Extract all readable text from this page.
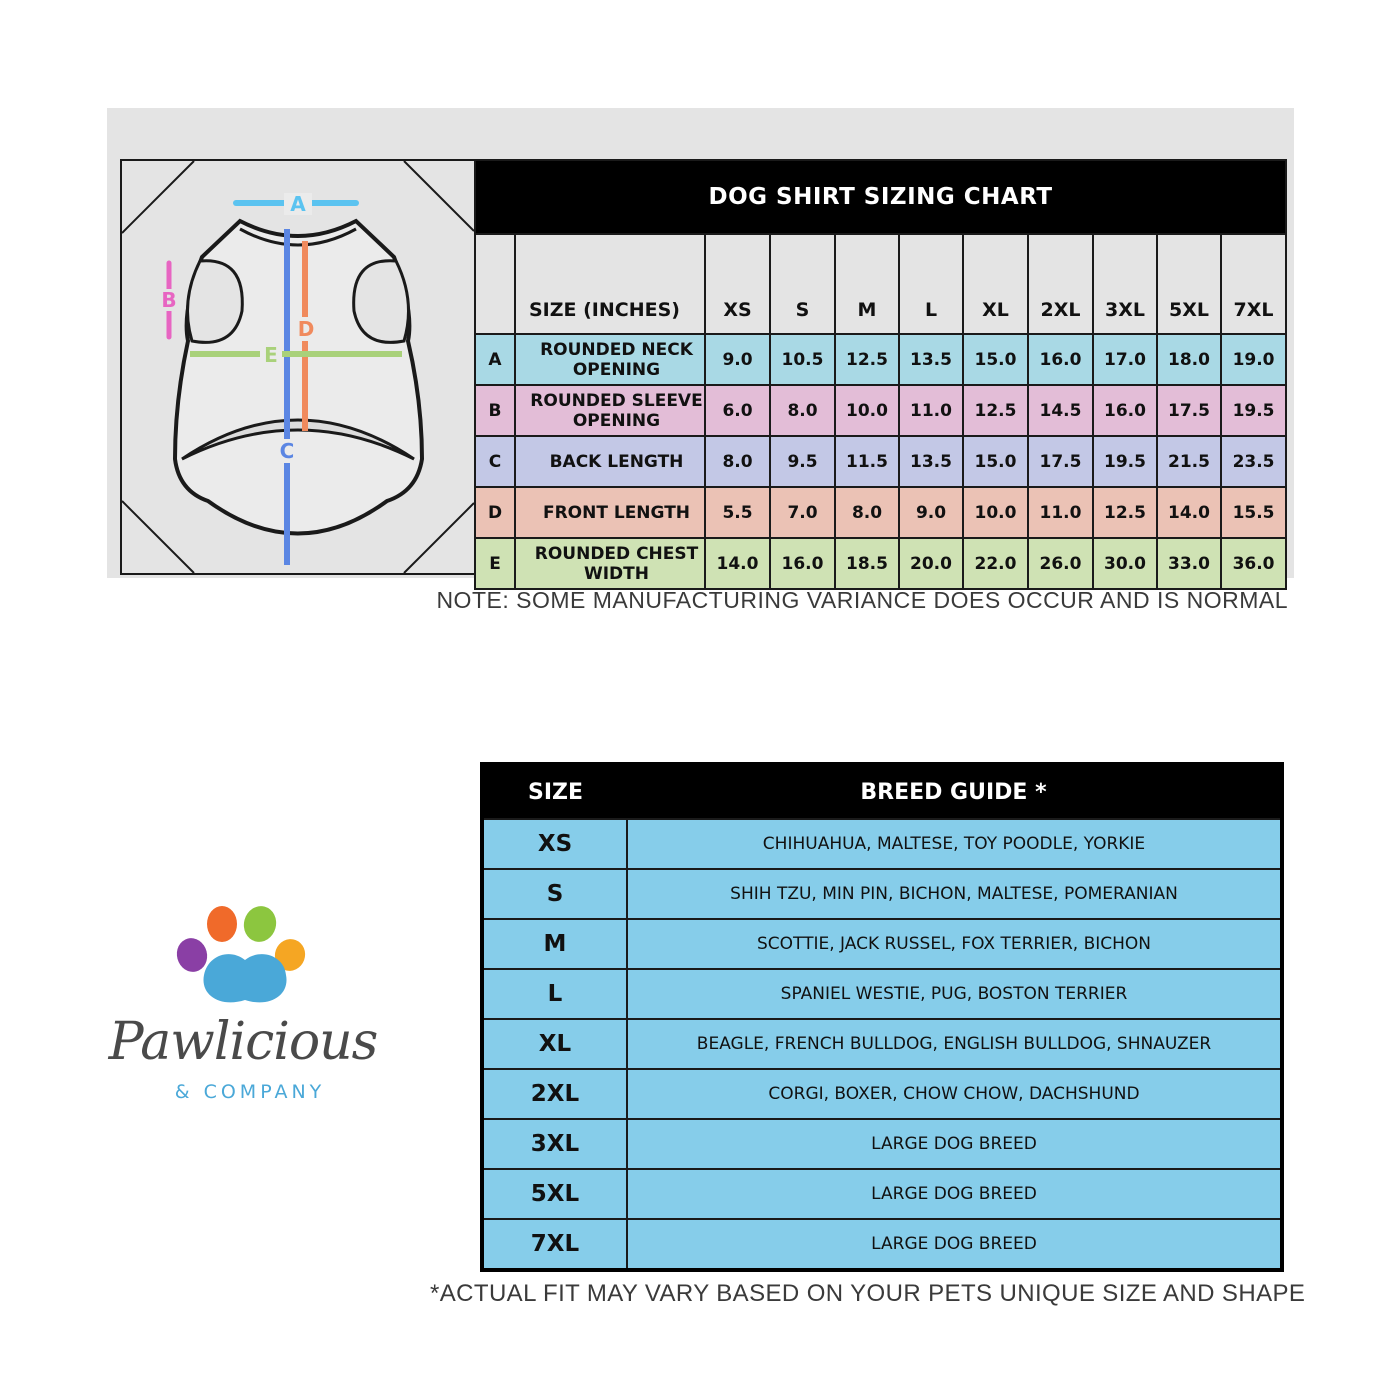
A
B
C
D
E
DOG SHIRT SIZING CHART										
	SIZE (INCHES)	XS	S	M	L	XL	2XL	3XL	5XL	7XL
A	ROUNDED NECK OPENING	9.0	10.5	12.5	13.5	15.0	16.0	17.0	18.0	19.0
B	ROUNDED SLEEVE OPENING	6.0	8.0	10.0	11.0	12.5	14.5	16.0	17.5	19.5
C	BACK LENGTH	8.0	9.5	11.5	13.5	15.0	17.5	19.5	21.5	23.5
D	FRONT LENGTH	5.5	7.0	8.0	9.0	10.0	11.0	12.5	14.0	15.5
E	ROUNDED CHEST WIDTH	14.0	16.0	18.5	20.0	22.0	26.0	30.0	33.0	36.0
NOTE: SOME MANUFACTURING VARIANCE DOES OCCUR AND IS NORMAL
Pawlicious
& COMPANY
SIZE	BREED GUIDE *
XS	CHIHUAHUA, MALTESE, TOY POODLE, YORKIE
S	SHIH TZU, MIN PIN, BICHON, MALTESE, POMERANIAN
M	SCOTTIE, JACK RUSSEL, FOX TERRIER, BICHON
L	SPANIEL WESTIE, PUG, BOSTON TERRIER
XL	BEAGLE, FRENCH BULLDOG, ENGLISH BULLDOG, SHNAUZER
2XL	CORGI, BOXER, CHOW CHOW, DACHSHUND
3XL	LARGE DOG BREED
5XL	LARGE DOG BREED
7XL	LARGE DOG BREED
*ACTUAL FIT MAY VARY BASED ON YOUR PETS UNIQUE SIZE AND SHAPE
